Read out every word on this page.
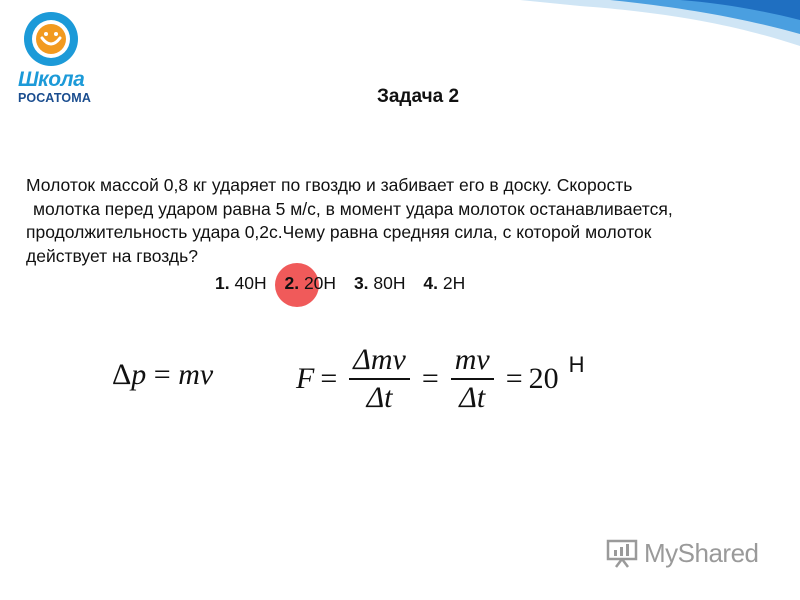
Школа
РОСАТОМА	Задача 2
Молоток массой 0,8 кг ударяет по гвоздю и забивает его в доску. Скорость
молотка перед ударом равна 5 м/с, в момент удара молоток останавливается,
продолжительность удара 0,2с.Чему равна средняя сила, с которой молоток
действует на гвоздь?
1. 40Н 2. 20Н 3. 80Н 4. 2Н
Δp = mv	$F = \frac{\text{Δmv}}{\Delta t} = \frac{mv}{\Delta t} = 20$ Н
MyShared
